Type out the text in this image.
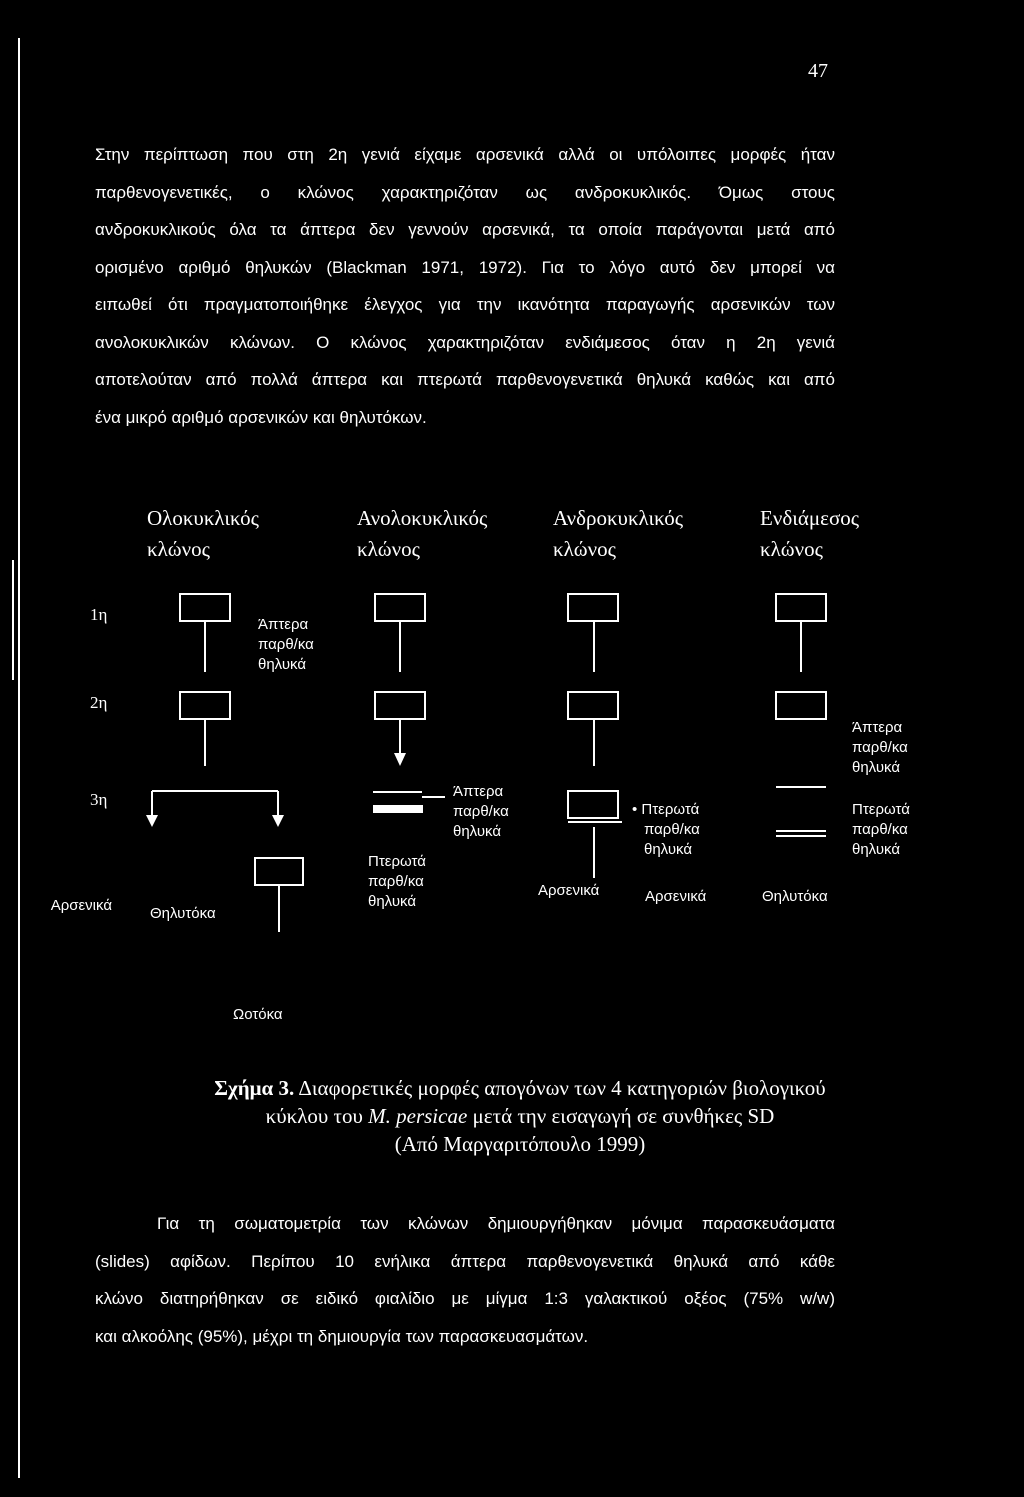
47
Στην περίπτωση που στη 2η γενιά είχαμε αρσενικά αλλά οι υπόλοιπες μορφές ήταν
παρθενογενετικές, ο κλώνος χαρακτηριζόταν ως ανδροκυκλικός. Όμως στους
ανδροκυκλικούς όλα τα άπτερα δεν γεννούν αρσενικά, τα οποία παράγονται μετά από
ορισμένο αριθμό θηλυκών (Blackman 1971, 1972). Για το λόγο αυτό δεν μπορεί να
ειπωθεί ότι πραγματοποιήθηκε έλεγχος για την ικανότητα παραγωγής αρσενικών των
ανολοκυκλικών κλώνων. Ο κλώνος χαρακτηριζόταν ενδιάμεσος όταν η 2η γενιά
αποτελούταν από πολλά άπτερα και πτερωτά παρθενογενετικά θηλυκά καθώς και από
ένα μικρό αριθμό αρσενικών και θηλυτόκων.
Ολοκυκλικός
κλώνος
Ανολοκυκλικός
κλώνος
Ανδροκυκλικός
κλώνος
Ενδιάμεσος
κλώνος
1η
2η
3η
Άπτερα
παρθ/κα
θηλυκά
Άπτερα
παρθ/κα
θηλυκά
Πτερωτά
παρθ/κα
θηλυκά
• Πτερωτά
παρθ/κα
θηλυκά
Άπτερα
παρθ/κα
θηλυκά
Πτερωτά
παρθ/κα
θηλυκά
Αρσενικά	Θηλυτόκα
Αρσενικά	Αρσενικά	Θηλυτόκα
Ωοτόκα
Σχήμα 3. Διαφορετικές μορφές απογόνων των 4 κατηγοριών βιολογικού
κύκλου του M. persicae μετά την εισαγωγή σε συνθήκες SD
(Από Μαργαριτόπουλο 1999)
Για τη σωματομετρία των κλώνων δημιουργήθηκαν μόνιμα παρασκευάσματα
(slides) αφίδων. Περίπου 10 ενήλικα άπτερα παρθενογενετικά θηλυκά από κάθε
κλώνο διατηρήθηκαν σε ειδικό φιαλίδιο με μίγμα 1:3 γαλακτικού οξέος (75% w/w)
και αλκοόλης (95%), μέχρι τη δημιουργία των παρασκευασμάτων.
